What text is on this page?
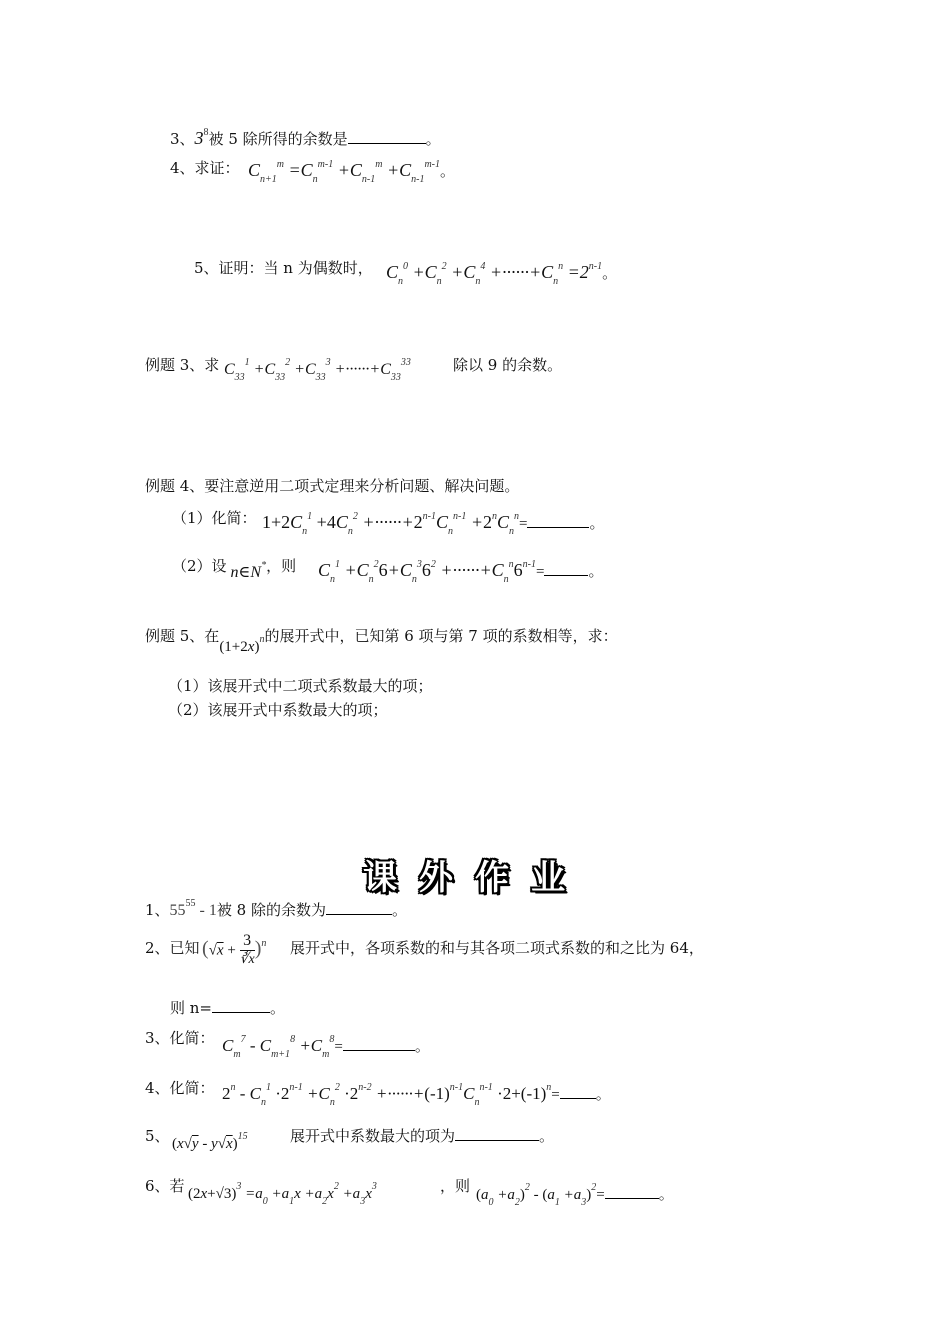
3、$3^8$被 5 除所得的余数是	。
4、求证： $C_{n+1}^m =C_n^{m-1} +C_{n-1}^m +C_{n-1}^{m-1}$。
5、证明：当 n 为偶数时， $C_n^0 +C_n^2 +C_n^4 +\cdot\cdot\cdot\cdot\cdot\cdot+C_n^n =2^{n-1}$。
例题 3、求 $C_{33}^1 +C_{33}^2 +C_{33}^3 +\cdot\cdot\cdot\cdot\cdot\cdot+C_{33}^{33}$	除以 9 的余数。
例题 4、要注意逆用二项式定理来分析问题、解决问题。
（1）化简： $1+2C_n^1 +4C_n^2 +\cdot\cdot\cdot\cdot\cdot\cdot+2^{n-1}C_n^{n-1} +2^nC_n^n=$	。
（2）设 n∈N*，则 $C_n^1 +C_n^26+C_n^36^2 +\cdot\cdot\cdot\cdot\cdot\cdot+C_n^n6^{n-1}=$	。
例题 5、在$(1+2x)^n$的展开式中，已知第 6 项与第 7 项的系数相等，求：
（1）该展开式中二项式系数最大的项；
（2）该展开式中系数最大的项；
课外作业
1、$55^{55} - 1$被 8 除的余数为	。
2、已知 $(√x + \frac{3}{∛x} )^n$ 展开式中，各项系数的和与其各项二项式系数的和之比为 64，
则 n=	。
3、化简： $C_m^7 - C_{m+1}^8 +C_m^8=$	。
4、化简： $2^n - C_n^1 \cdot 2^{n-1} +C_n^2 \cdot 2^{n-2} +\cdot\cdot\cdot\cdot\cdot\cdot+(-1)^{n-1}C_n^{n-1} \cdot 2+(-1)^n=$ 。
5、 (x√y - y√x)$^{15}$	展开式中系数最大的项为	。
6、若 $(2x+√3)^3 =a_0 +a_1x +a_2x^2 +a_3x^3$	，则 $(a_0 +a_2)^2 - (a_1 +a_3)^2=$	。
